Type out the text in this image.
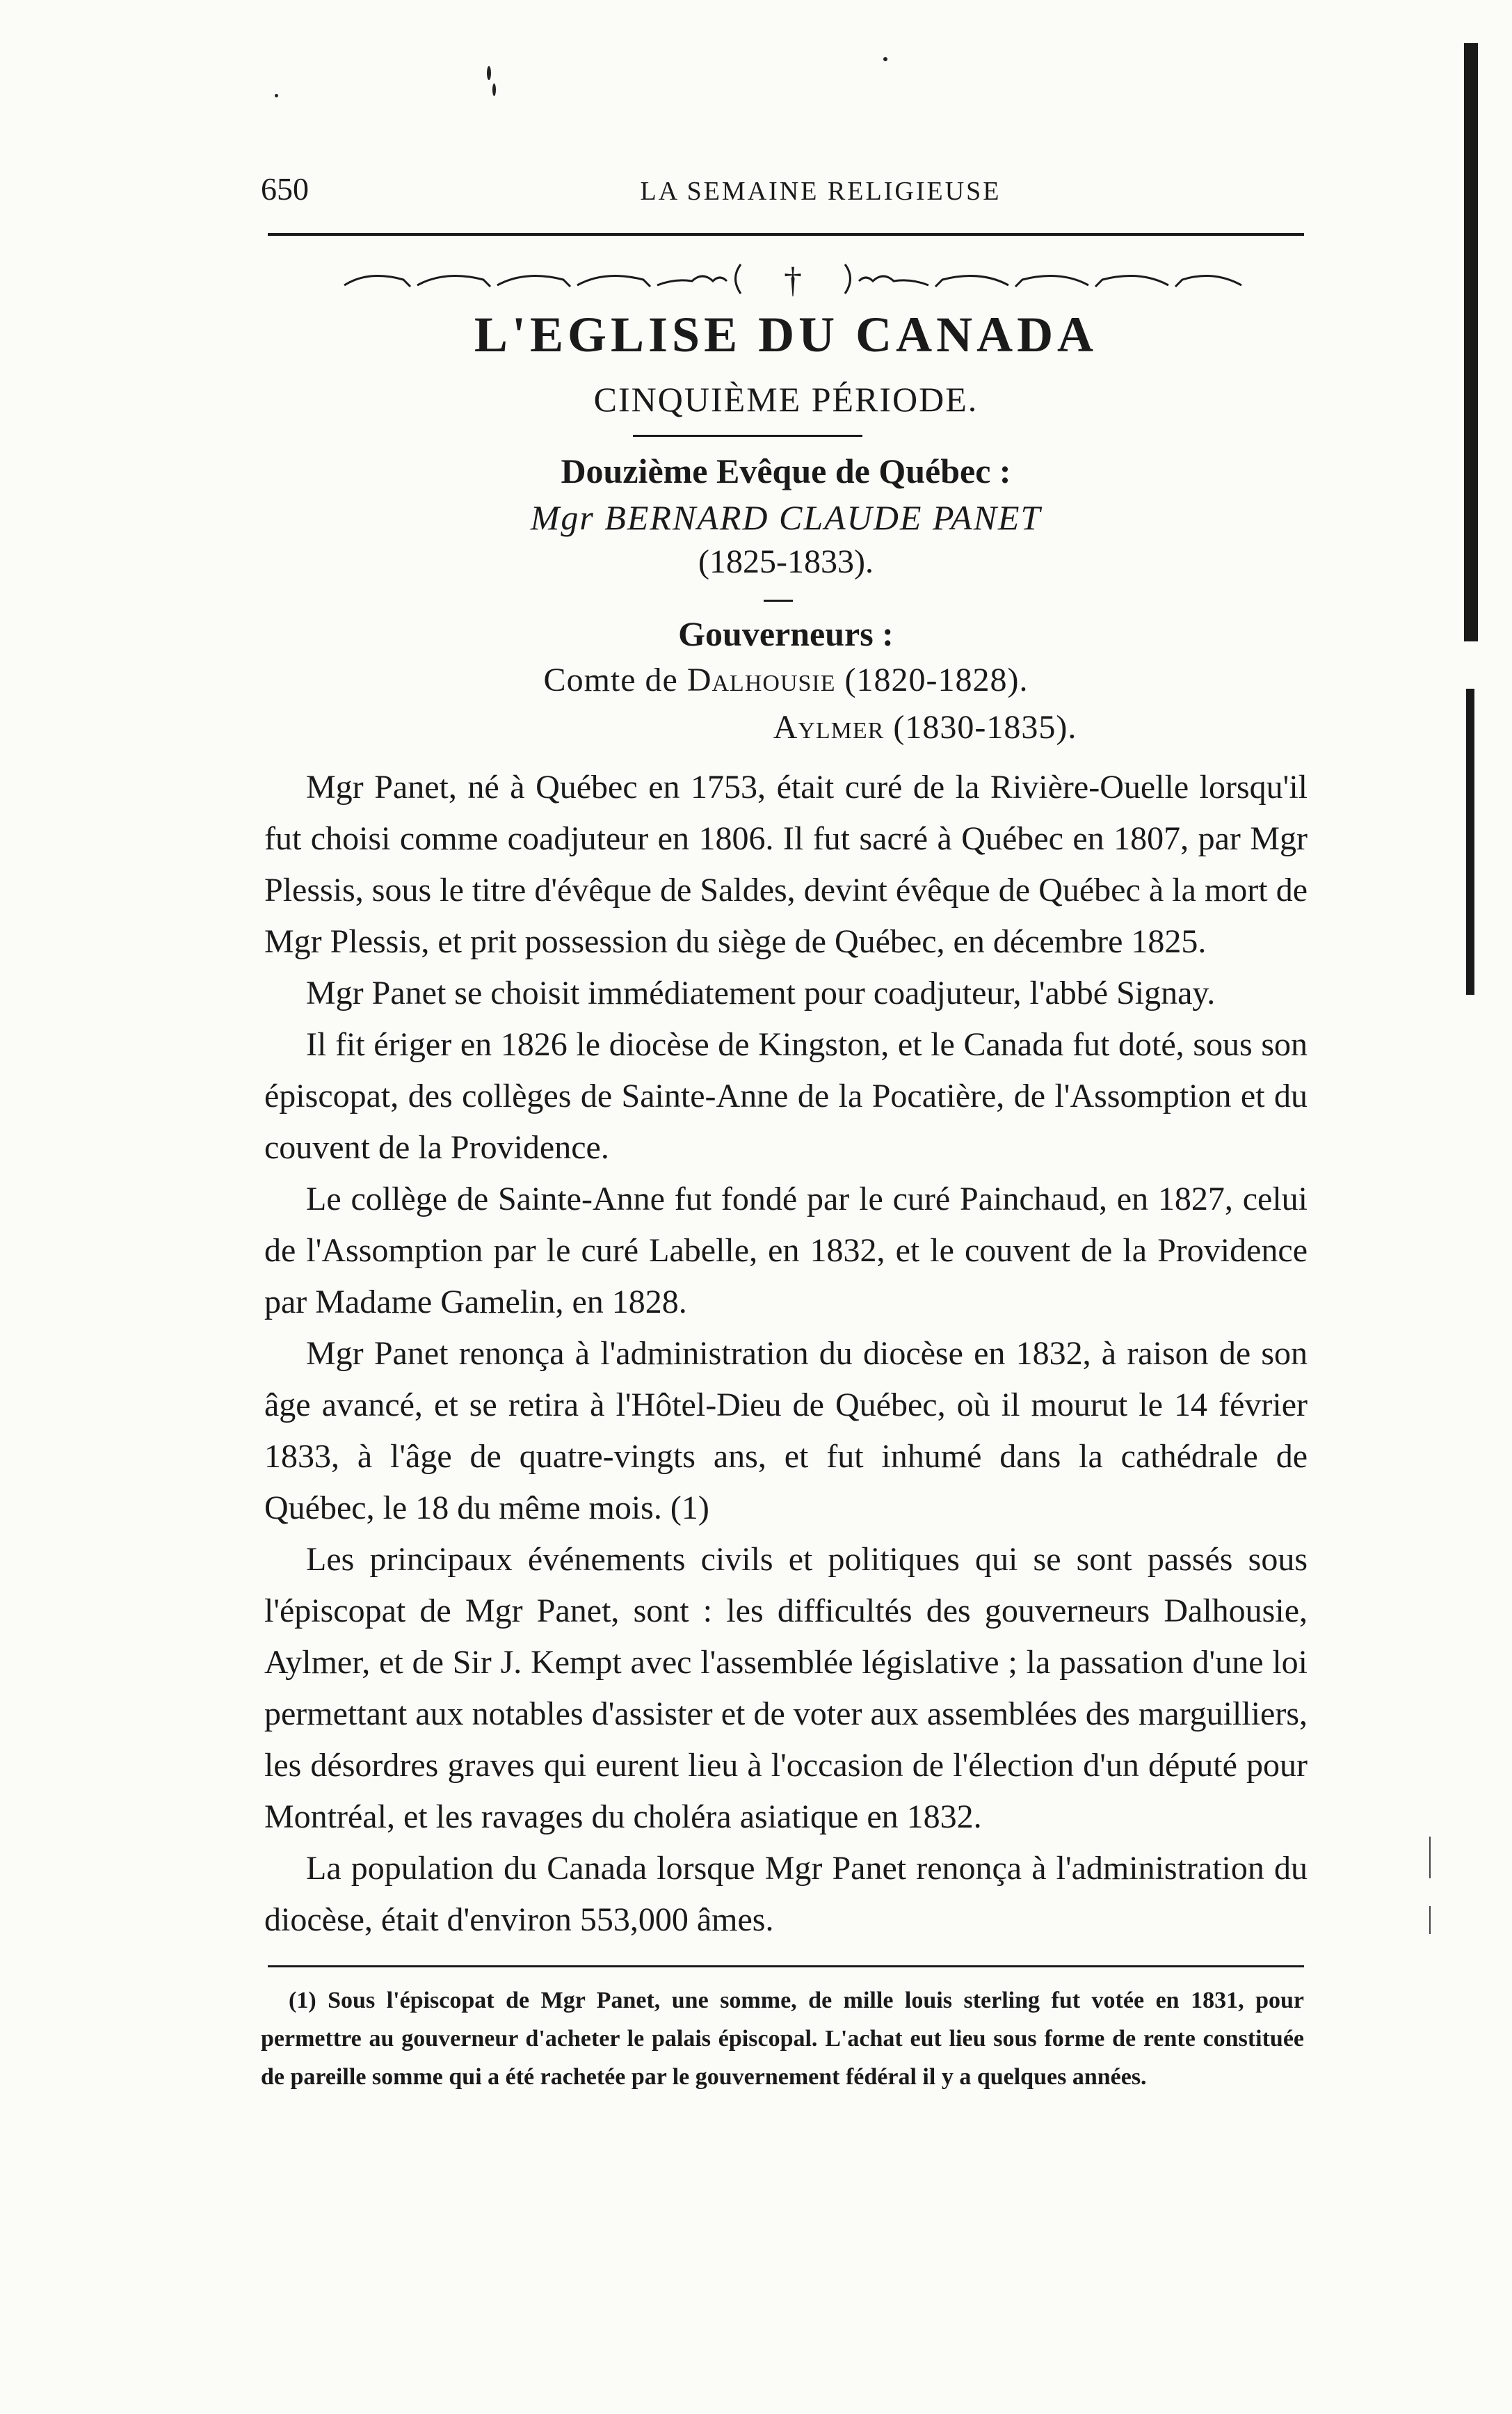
650	LA SEMAINE RELIGIEUSE
†
L'EGLISE DU CANADA
CINQUIÈME PÉRIODE.
Douzième Evêque de Québec :
Mgr BERNARD CLAUDE PANET
(1825-1833).
Gouverneurs :
Comte de Dalhousie (1820-1828).
Aylmer (1830-1835).

Mgr Panet, né à Québec en 1753, était curé de la Rivière-Ouelle lorsqu'il fut choisi comme coadjuteur en 1806. Il fut sacré à Québec en 1807, par Mgr Plessis, sous le titre d'évêque de Saldes, devint évêque de Québec à la mort de Mgr Plessis, et prit possession du siège de Québec, en décembre 1825.

Mgr Panet se choisit immédiatement pour coadjuteur, l'abbé Signay.

Il fit ériger en 1826 le diocèse de Kingston, et le Canada fut doté, sous son épiscopat, des collèges de Sainte-Anne de la Pocatière, de l'Assomption et du couvent de la Providence.

Le collège de Sainte-Anne fut fondé par le curé Painchaud, en 1827, celui de l'Assomption par le curé Labelle, en 1832, et le couvent de la Providence par Madame Gamelin, en 1828.

Mgr Panet renonça à l'administration du diocèse en 1832, à raison de son âge avancé, et se retira à l'Hôtel-Dieu de Québec, où il mourut le 14 février 1833, à l'âge de quatre-vingts ans, et fut inhumé dans la cathédrale de Québec, le 18 du même mois. (1)

Les principaux événements civils et politiques qui se sont passés sous l'épiscopat de Mgr Panet, sont : les difficultés des gouverneurs Dalhousie, Aylmer, et de Sir J. Kempt avec l'assemblée législative ; la passation d'une loi permettant aux notables d'assister et de voter aux assemblées des marguilliers, les désordres graves qui eurent lieu à l'occasion de l'élection d'un député pour Montréal, et les ravages du choléra asiatique en 1832.

La population du Canada lorsque Mgr Panet renonça à l'administration du diocèse, était d'environ 553,000 âmes.

(1) Sous l'épiscopat de Mgr Panet, une somme, de mille louis sterling fut votée en 1831, pour permettre au gouverneur d'acheter le palais épiscopal. L'achat eut lieu sous forme de rente constituée de pareille somme qui a été rachetée par le gouvernement fédéral il y a quelques années.
